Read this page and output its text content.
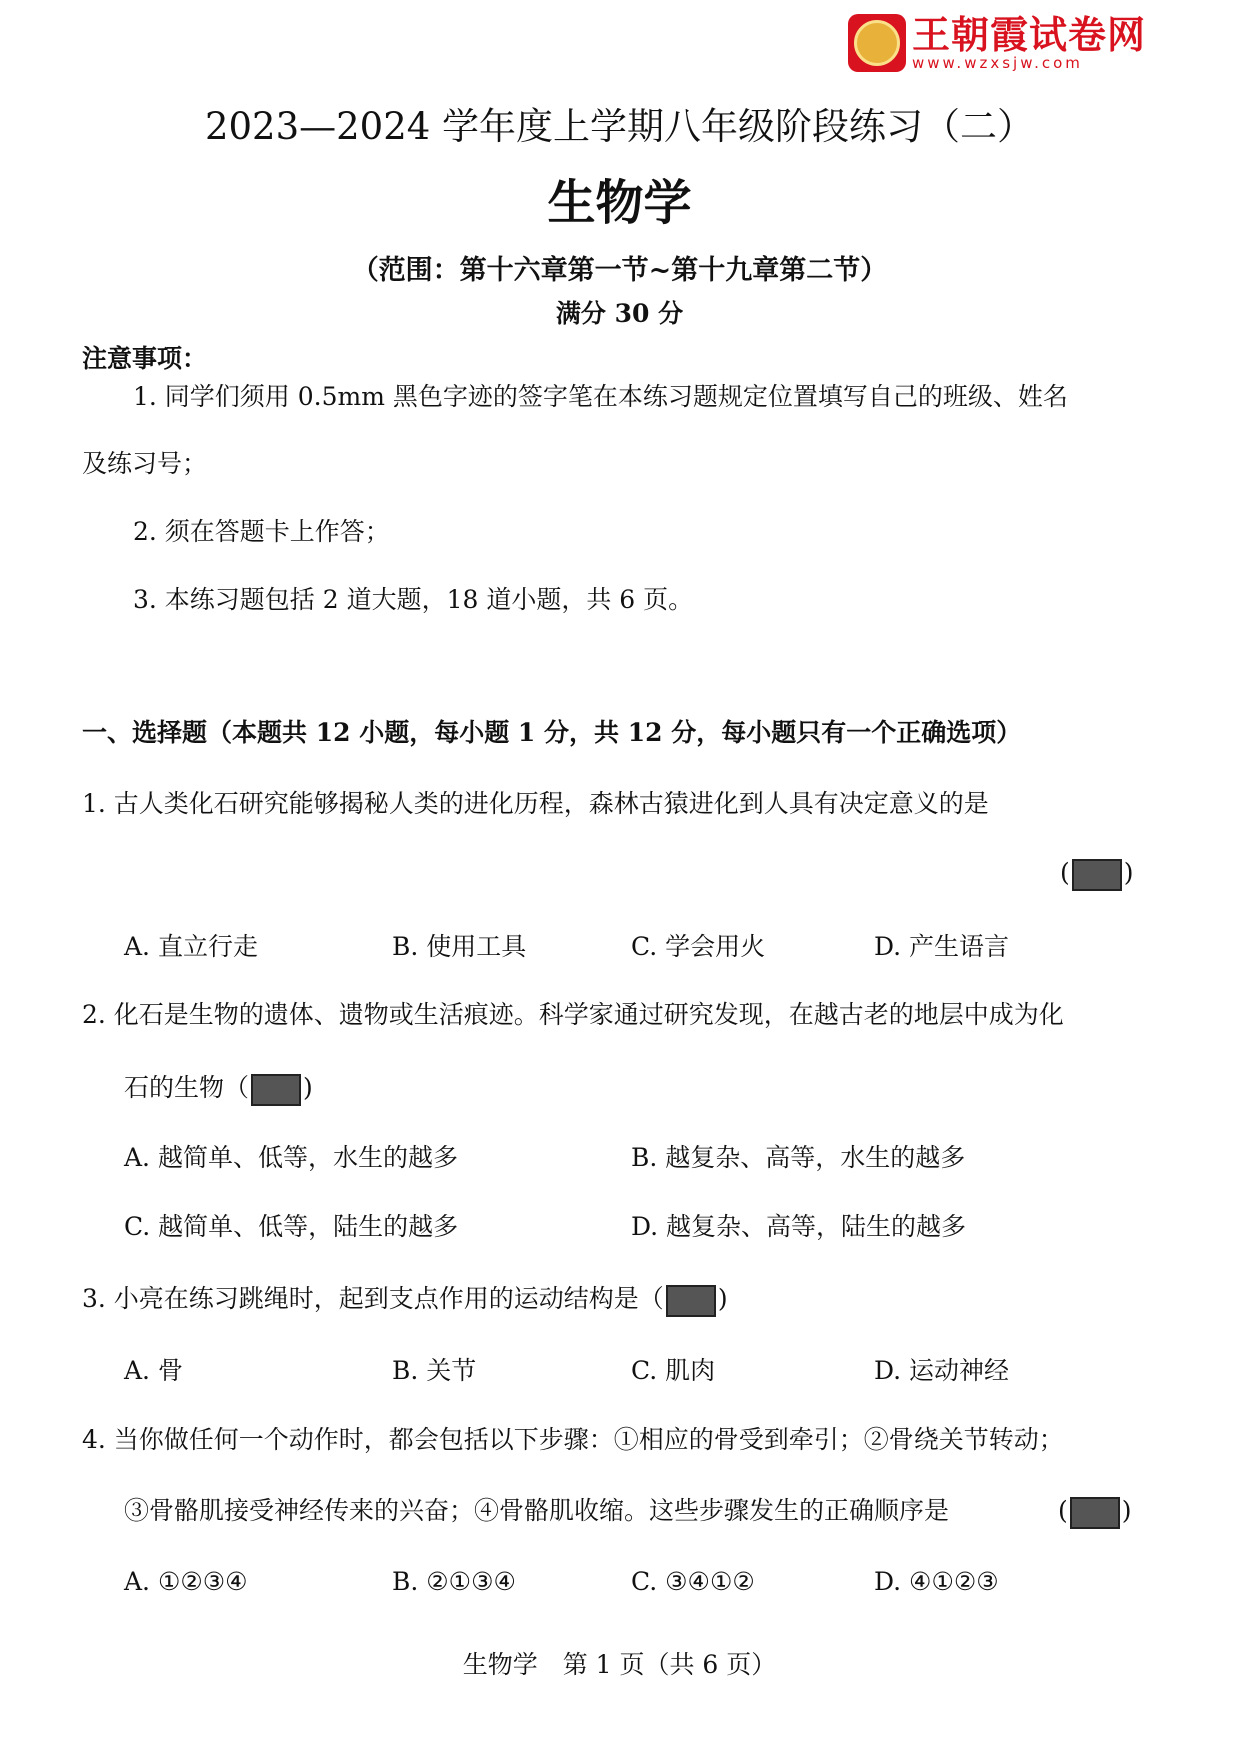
王朝霞试卷网
www.wzxsjw.com
2023—2024 学年度上学期八年级阶段练习（二）
生物学
（范围：第十六章第一节~第十九章第二节）
满分 30 分
注意事项：
1. 同学们须用 0.5mm 黑色字迹的签字笔在本练习题规定位置填写自己的班级、姓名
及练习号；
2. 须在答题卡上作答；
3. 本练习题包括 2 道大题，18 道小题，共 6 页。
一、选择题（本题共 12 小题，每小题 1 分，共 12 分，每小题只有一个正确选项）
1. 古人类化石研究能够揭秘人类的进化历程，森林古猿进化到人具有决定意义的是
( )
A. 直立行走	B. 使用工具	C. 学会用火	D. 产生语言
2. 化石是生物的遗体、遗物或生活痕迹。科学家通过研究发现，在越古老的地层中成为化
石的生物（ )
A. 越简单、低等，水生的越多	B. 越复杂、高等，水生的越多
C. 越简单、低等，陆生的越多	D. 越复杂、高等，陆生的越多
3. 小亮在练习跳绳时，起到支点作用的运动结构是（ )
A. 骨	B. 关节	C. 肌肉	D. 运动神经
4. 当你做任何一个动作时，都会包括以下步骤：①相应的骨受到牵引；②骨绕关节转动；
③骨骼肌接受神经传来的兴奋；④骨骼肌收缩。这些步骤发生的正确顺序是	( )
A. ①②③④	B. ②①③④	C. ③④①②	D. ④①②③
生物学　第 1 页（共 6 页）
